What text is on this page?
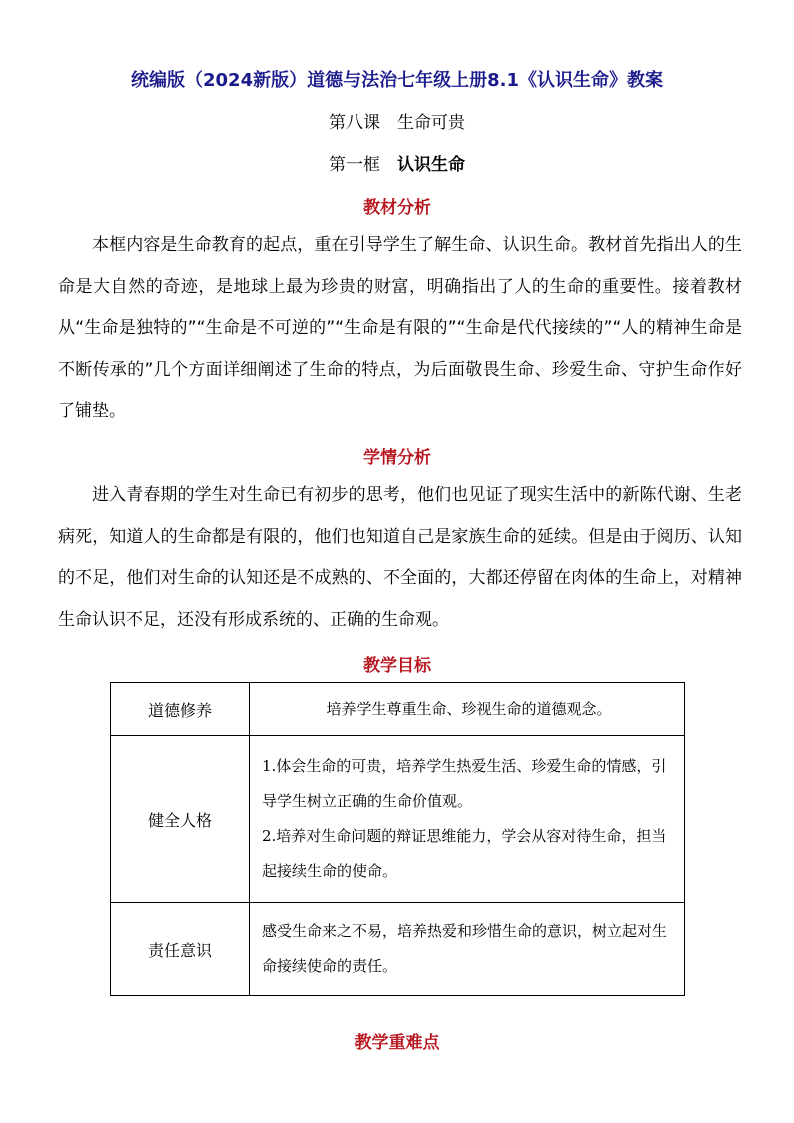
统编版（2024新版）道德与法治七年级上册8.1《认识生命》教案
第八课　生命可贵
第一框　认识生命
教材分析
本框内容是生命教育的起点，重在引导学生了解生命、认识生命。教材首先指出人的生命是大自然的奇迹，是地球上最为珍贵的财富，明确指出了人的生命的重要性。接着教材从“生命是独特的”“生命是不可逆的”“生命是有限的”“生命是代代接续的”“人的精神生命是不断传承的”几个方面详细阐述了生命的特点，为后面敬畏生命、珍爱生命、守护生命作好了铺垫。
学情分析
进入青春期的学生对生命已有初步的思考，他们也见证了现实生活中的新陈代谢、生老病死，知道人的生命都是有限的，他们也知道自己是家族生命的延续。但是由于阅历、认知的不足，他们对生命的认知还是不成熟的、不全面的，大都还停留在肉体的生命上，对精神生命认识不足，还没有形成系统的、正确的生命观。
教学目标
道德修养	培养学生尊重生命、珍视生命的道德观念。
健全人格	1.体会生命的可贵，培养学生热爱生活、珍爱生命的情感，引导学生树立正确的生命价值观。
2.培养对生命问题的辩证思维能力，学会从容对待生命，担当起接续生命的使命。

责任意识	感受生命来之不易，培养热爱和珍惜生命的意识，树立起对生命接续使命的责任。
教学重难点
